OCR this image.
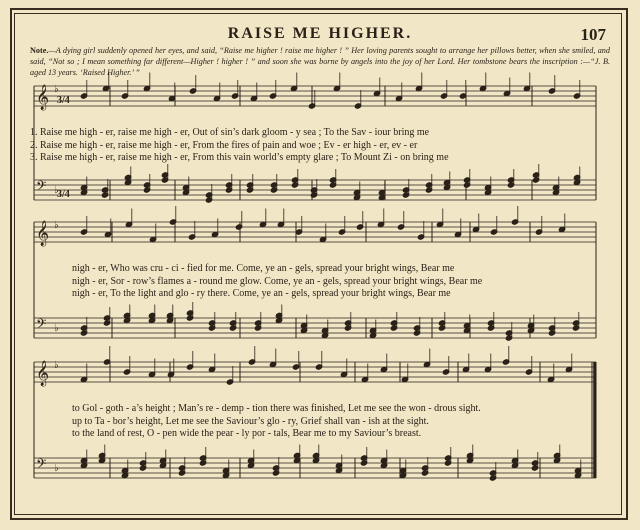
RAISE ME HIGHER.	107
Note.—A dying girl suddenly opened her eyes, and said, “Raise me higher ! raise me higher ! ” Her loving parents sought to arrange her pillows better, when she smiled, and said, “Not so ; I mean something far different—Higher ! higher ! ” and soon she was borne by angels into the joy of her Lord. Her tombstone bears the inscription :—“J. B. aged 13 years. ‘Raised Higher.’ ”
𝄞 ♭
𝄢 ♭
𝄞 ♭
𝄢 ♭
𝄞 ♭
𝄢 ♭
3/4
3/4
1. Raise me high - er, raise me high - er, Out of sin’s dark gloom - y sea ; To the Sav - iour bring me
2. Raise me high - er, raise me high - er, From the fires of pain and woe ; Ev - er high - er, ev - er
3. Raise me high - er, raise me high - er, From this vain world’s empty glare ; To Mount Zi - on bring me
nigh - er, Who was cru - ci - fied for me. Come, ye an - gels, spread your bright wings, Bear me
nigh - er, Sor - row’s flames a - round me glow. Come, ye an - gels, spread your bright wings, Bear me
nigh - er, To the light and glo - ry there. Come, ye an - gels, spread your bright wings, Bear me
to Gol - goth - a’s height ; Man’s re - demp - tion there was finished, Let me see the won - drous sight.
up to Ta - bor’s height, Let me see the Saviour’s glo - ry, Grief shall van - ish at the sight.
to the land of rest, O - pen wide the pear - ly por - tals, Bear me to my Saviour’s breast.
